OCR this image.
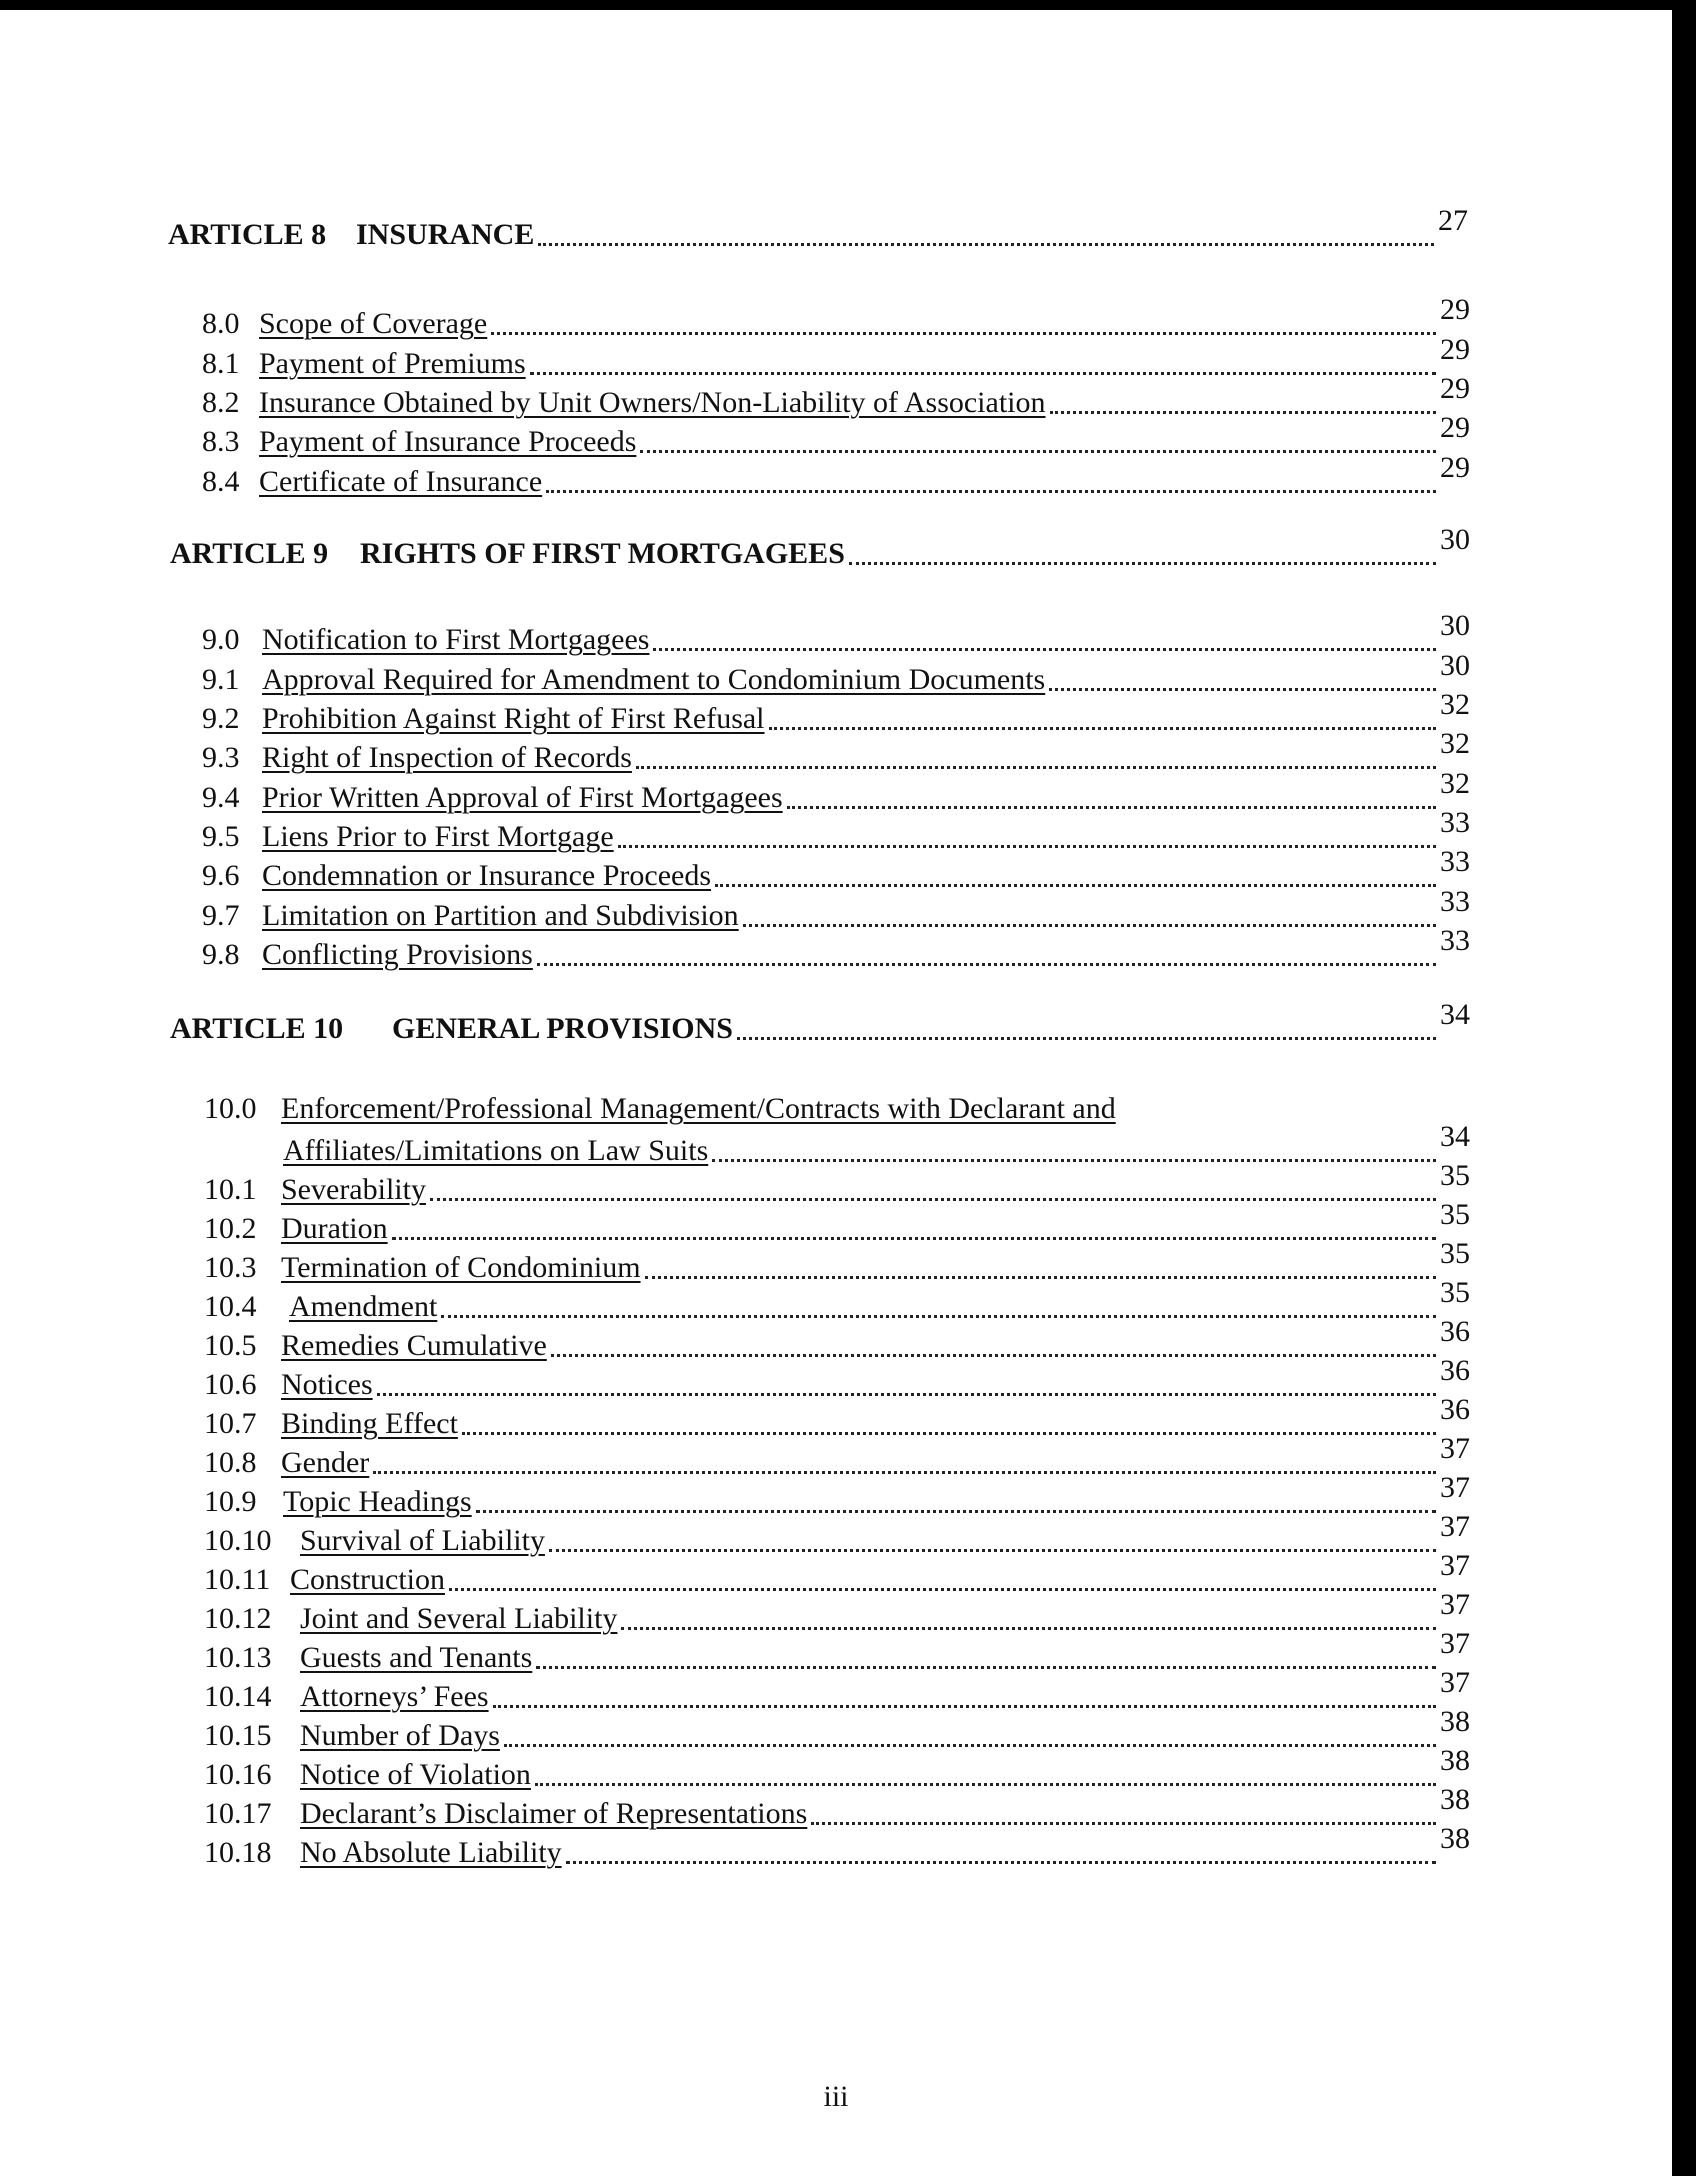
ARTICLE 8 INSURANCE	27
8.0 Scope of Coverage	29
8.1 Payment of Premiums	29
8.2 Insurance Obtained by Unit Owners/Non-Liability of Association	29
8.3 Payment of Insurance Proceeds	29
8.4 Certificate of Insurance	29
ARTICLE 9	RIGHTS OF FIRST MORTGAGEES	30
9.0 Notification to First Mortgagees	30
9.1 Approval Required for Amendment to Condominium Documents	30
9.2 Prohibition Against Right of First Refusal	32
9.3 Right of Inspection of Records	32
9.4 Prior Written Approval of First Mortgagees	32
9.5 Liens Prior to First Mortgage	33
9.6 Condemnation or Insurance Proceeds	33
9.7 Limitation on Partition and Subdivision	33
9.8 Conflicting Provisions	33
ARTICLE 10	GENERAL PROVISIONS	34
10.0 Enforcement/Professional Management/Contracts with Declarant and
Affiliates/Limitations on Law Suits	34
10.1 Severability	35
10.2 Duration	35
10.3 Termination of Condominium	35
10.4	Amendment	35
10.5 Remedies Cumulative	36
10.6 Notices	36
10.7 Binding Effect	36
10.8 Gender	37
10.9 Topic Headings	37
10.10 Survival of Liability	37
10.11 Construction	37
10.12 Joint and Several Liability	37
10.13 Guests and Tenants	37
10.14 Attorneys’ Fees	37
10.15 Number of Days	38
10.16 Notice of Violation	38
10.17 Declarant’s Disclaimer of Representations	38
10.18 No Absolute Liability	38
iii
